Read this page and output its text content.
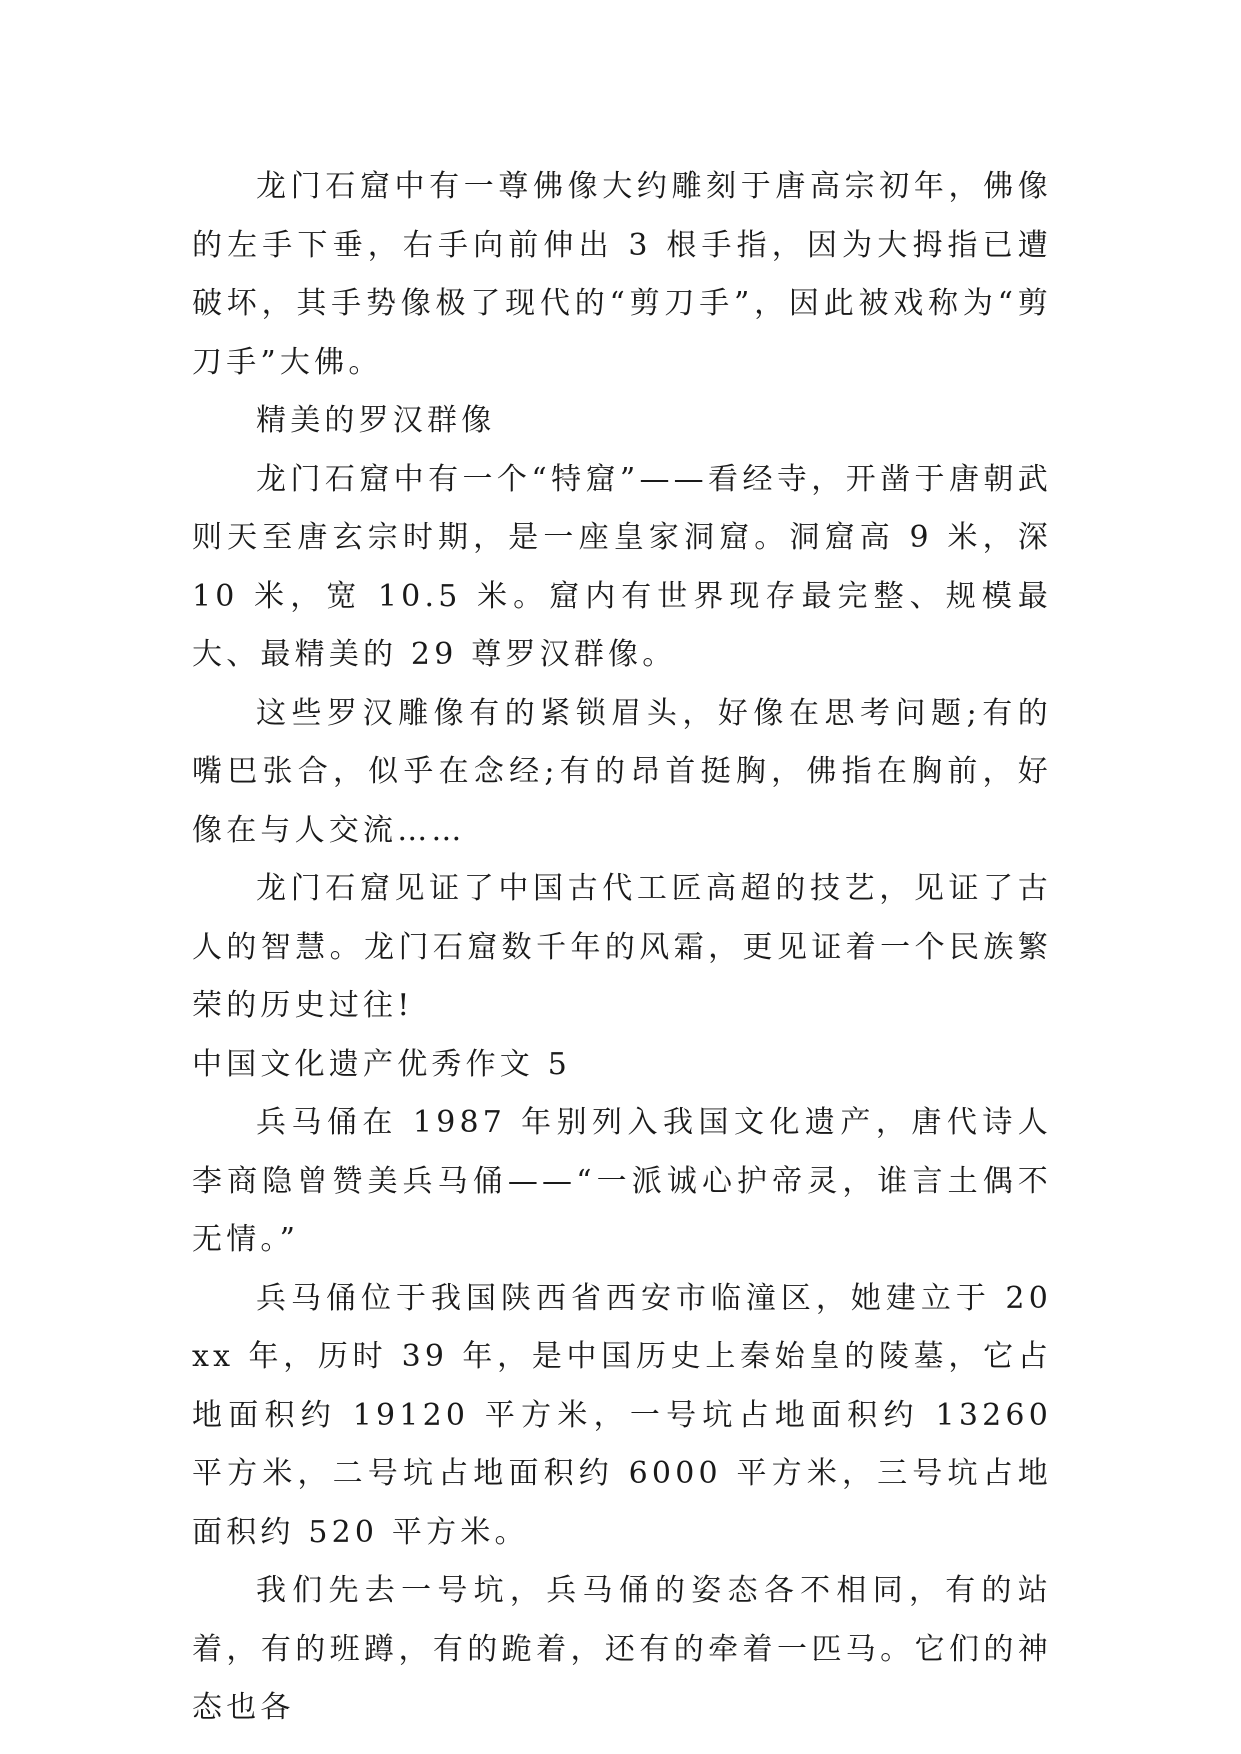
龙门石窟中有一尊佛像大约雕刻于唐高宗初年，佛像的左手下垂，右手向前伸出 3 根手指，因为大拇指已遭破坏，其手势像极了现代的“剪刀手”，因此被戏称为“剪刀手”大佛。

精美的罗汉群像

龙门石窟中有一个“特窟”——看经寺，开凿于唐朝武则天至唐玄宗时期，是一座皇家洞窟。洞窟高 9 米，深 10 米，宽 10.5 米。窟内有世界现存最完整、规模最大、最精美的 29 尊罗汉群像。

这些罗汉雕像有的紧锁眉头，好像在思考问题;有的嘴巴张合，似乎在念经;有的昂首挺胸，佛指在胸前，好像在与人交流……

龙门石窟见证了中国古代工匠高超的技艺，见证了古人的智慧。龙门石窟数千年的风霜，更见证着一个民族繁荣的历史过往!

中国文化遗产优秀作文 5

兵马俑在 1987 年别列入我国文化遗产，唐代诗人李商隐曾赞美兵马俑——“一派诚心护帝灵，谁言土偶不无情。”

兵马俑位于我国陕西省西安市临潼区，她建立于 20xx 年，历时 39 年，是中国历史上秦始皇的陵墓，它占地面积约 19120 平方米，一号坑占地面积约 13260 平方米，二号坑占地面积约 6000 平方米，三号坑占地面积约 520 平方米。

我们先去一号坑，兵马俑的姿态各不相同，有的站着，有的班蹲，有的跪着，还有的牵着一匹马。它们的神态也各
